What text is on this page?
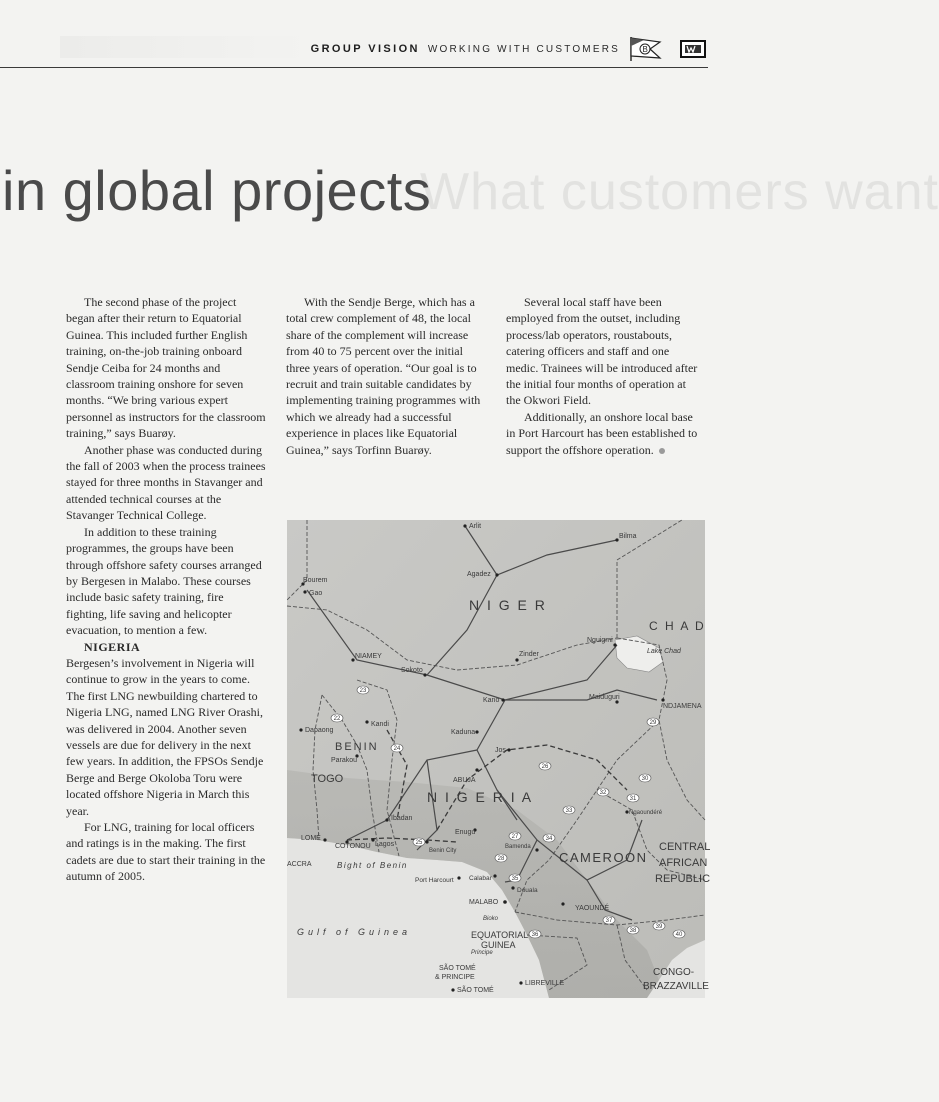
What customers want
GROUP VISION WORKING WITH CUSTOMERS	B
in global projects

The second phase of the project began after their return to Equatorial Guinea. This included further English training, on-the-job training onboard Sendje Ceiba for 24 months and classroom training onshore for seven months. “We bring various expert personnel as instructors for the classroom training,” says Buarøy.

Another phase was conducted during the fall of 2003 when the process trainees stayed for three months in Stavanger and attended technical courses at the Stavanger Technical College.

In addition to these training programmes, the groups have been through offshore safety courses arranged by Bergesen in Malabo. These courses include basic safety training, fire fighting, life saving and helicopter evacuation, to mention a few.

NIGERIA

Bergesen’s involvement in Nigeria will continue to grow in the years to come. The first LNG newbuilding chartered to Nigeria LNG, named LNG River Orashi, was delivered in 2004. Another seven vessels are due for delivery in the next few years. In addition, the FPSOs Sendje Berge and Berge Okoloba Toru were located offshore Nigeria in March this year.

For LNG, training for local officers and ratings is in the making. The first cadets are due to start their training in the autumn of 2005.

With the Sendje Berge, which has a total crew complement of 48, the local share of the complement will increase from 40 to 75 percent over the initial three years of operation. “Our goal is to recruit and train suitable candidates by implementing training programmes with which we already had a successful experience in places like Equatorial Guinea,” says Torfinn Buarøy.

Several local staff have been employed from the outset, including process/lab operators, roustabouts, catering officers and staff and one medic. Trainees will be introduced after the initial four months of operation at the Okwori Field.

Additionally, an onshore local base in Port Harcourt has been established to support the offshore operation.

N I G E R
C H A D
N I G E R I A
BENIN
TOGO
CAMEROON
CENTRAL
AFRICAN
REPUBLIC
EQUATORIAL
GUINEA
CONGO-
BRAZZAVILLE
SÃO TOMÉ
& PRINCIPE
Lake Chad
Bight of Benin
Gulf of Guinea
Arlit
Bilma
Agadez
Bourem
Gao
NIAMEY
Sokoto
Zinder
Nguigmi
Kano	Maiduguri
NDJAMENA
Kandi
Dapaong
Parakou
Kaduna
Jos
ABUJA
Ibadan
LOMÉ
COTONOU Lagos
ACCRA
Benin City
Enugu
Bamenda
Ngaoundéré
Port Harcourt Calabar
Douala
MALABO
Bioko
YAOUNDÉ
Principe
SÃO TOMÉ
LIBREVILLE
22
23
24
25
26
27
28
29
30
31
32
33
34
35
36
37
38
39
40
